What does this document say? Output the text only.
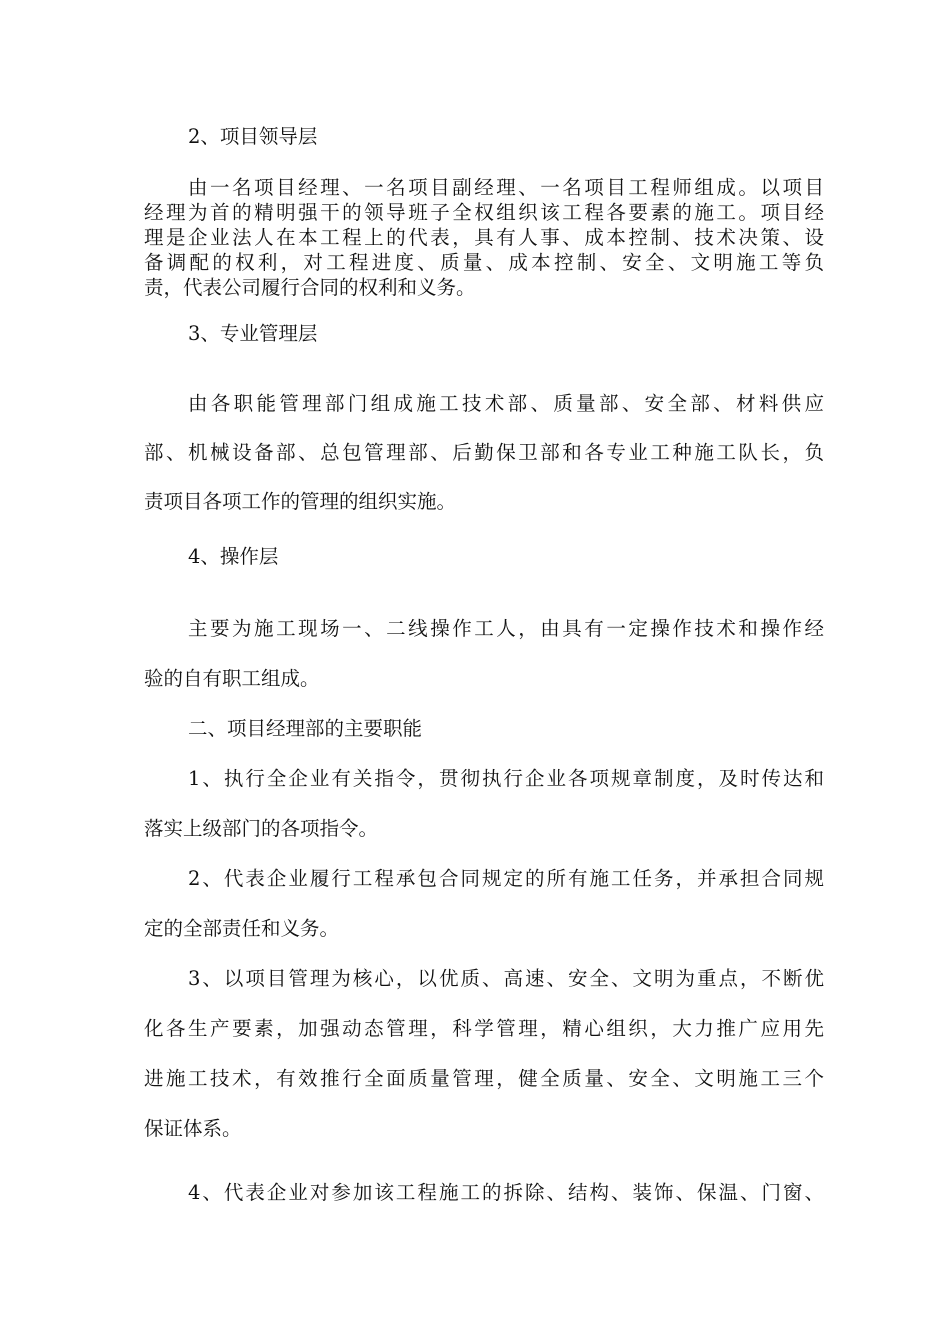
2、项目领导层
由一名项目经理、一名项目副经理、一名项目工程师组成。以项目
经理为首的精明强干的领导班子全权组织该工程各要素的施工。项目经
理是企业法人在本工程上的代表，具有人事、成本控制、技术决策、设
备调配的权利，对工程进度、质量、成本控制、安全、文明施工等负
责，代表公司履行合同的权利和义务。
3、专业管理层
由各职能管理部门组成施工技术部、质量部、安全部、材料供应
部、机械设备部、总包管理部、后勤保卫部和各专业工种施工队长，负
责项目各项工作的管理的组织实施。
4、操作层
主要为施工现场一、二线操作工人，由具有一定操作技术和操作经
验的自有职工组成。
二、项目经理部的主要职能
1、执行全企业有关指令，贯彻执行企业各项规章制度，及时传达和
落实上级部门的各项指令。
2、代表企业履行工程承包合同规定的所有施工任务，并承担合同规
定的全部责任和义务。
3、以项目管理为核心，以优质、高速、安全、文明为重点，不断优
化各生产要素，加强动态管理，科学管理，精心组织，大力推广应用先
进施工技术，有效推行全面质量管理，健全质量、安全、文明施工三个
保证体系。
4、代表企业对参加该工程施工的拆除、结构、装饰、保温、门窗、
